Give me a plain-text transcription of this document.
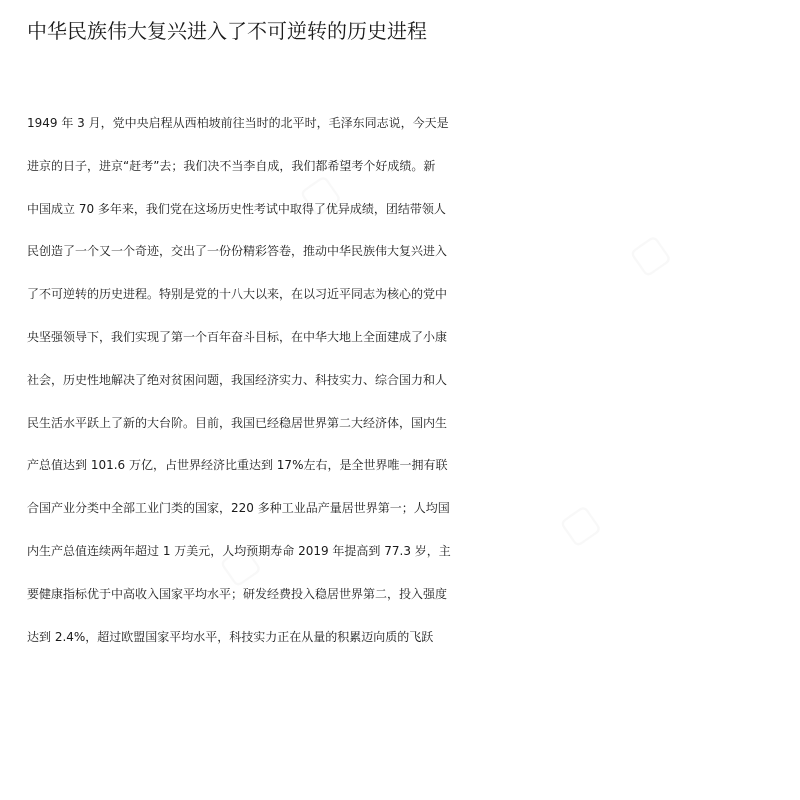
▢
▢
▢
▢
中华民族伟大复兴进入了不可逆转的历史进程
1949 年 3 月，党中央启程从西柏坡前往当时的北平时，毛泽东同志说，今天是
进京的日子，进京“赶考”去；我们决不当李自成，我们都希望考个好成绩。新
中国成立 70 多年来，我们党在这场历史性考试中取得了优异成绩，团结带领人
民创造了一个又一个奇迹，交出了一份份精彩答卷，推动中华民族伟大复兴进入
了不可逆转的历史进程。特别是党的十八大以来，在以习近平同志为核心的党中
央坚强领导下，我们实现了第一个百年奋斗目标，在中华大地上全面建成了小康
社会，历史性地解决了绝对贫困问题，我国经济实力、科技实力、综合国力和人
民生活水平跃上了新的大台阶。目前，我国已经稳居世界第二大经济体，国内生
产总值达到 101.6 万亿，占世界经济比重达到 17%左右，是全世界唯一拥有联
合国产业分类中全部工业门类的国家，220 多种工业品产量居世界第一；人均国
内生产总值连续两年超过 1 万美元，人均预期寿命 2019 年提高到 77.3 岁，主
要健康指标优于中高收入国家平均水平；研发经费投入稳居世界第二，投入强度
达到 2.4%，超过欧盟国家平均水平，科技实力正在从量的积累迈向质的飞跃
